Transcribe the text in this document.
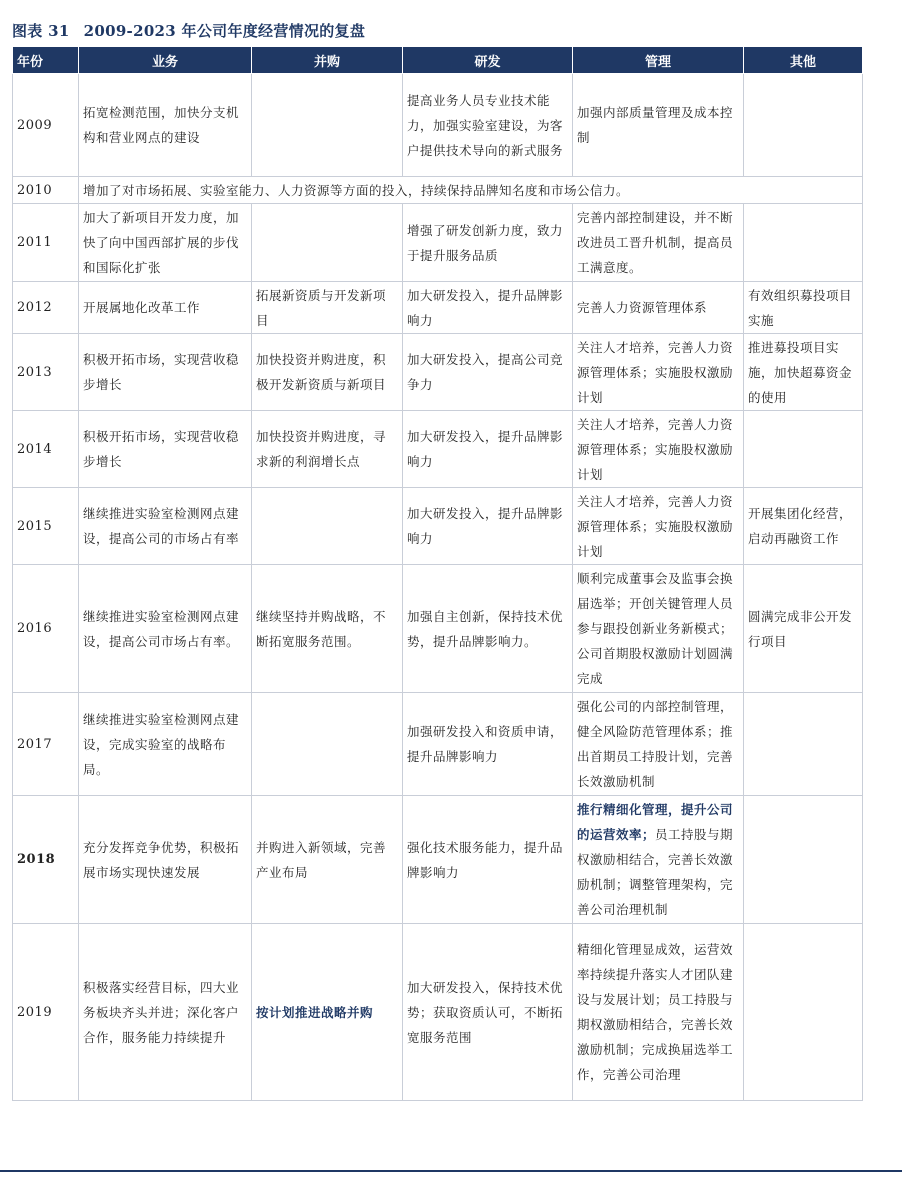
图表 31 2009-2023 年公司年度经营情况的复盘
年份	业务	并购	研发	管理	其他
2009	拓宽检测范围，加快分支机构和营业网点的建设		提高业务人员专业技术能力，加强实验室建设，为客 户提供技术导向的新式服务	加强内部质量管理及成本控制	
2010	增加了对市场拓展、实验室能力、人力资源等方面的投入，持续保持品牌知名度和市场公信力。				
2011	加大了新项目开发力度，加快了向中国西部扩展的步伐和国际化扩张		增强了研发创新力度，致力于提升服务品质	完善内部控制建设，并不断改进员工晋升机制，提高员工满意度。	
2012	开展属地化改革工作	拓展新资质与开发新项目	加大研发投入，提升品牌影响力	完善人力资源管理体系	有效组织募投项目实施
2013	积极开拓市场，实现营收稳步增长	加快投资并购进度，积极开发新资质与新项目	加大研发投入，提高公司竞争力	关注人才培养，完善人力资源管理体系；实施股权激励计划	推进募投项目实施，加快超募资金的使用
2014	积极开拓市场，实现营收稳步增长	加快投资并购进度，寻求新的利润增长点	加大研发投入，提升品牌影响力	关注人才培养，完善人力资源管理体系；实施股权激励计划	
2015	继续推进实验室检测网点建设，提高公司的市场占有率		加大研发投入，提升品牌影响力	关注人才培养，完善人力资源管理体系；实施股权激励计划	开展集团化经营，启动再融资工作
2016	继续推进实验室检测网点建设，提高公司市场占有率。	继续坚持并购战略，不断拓宽服务范围。	加强自主创新，保持技术优势，提升品牌影响力。	顺利完成董事会及监事会换届选举；开创关键管理人员参与跟投创新业务新模式；公司首期股权激励计划圆满完成	圆满完成非公开发行项目
2017	继续推进实验室检测网点建设，完成实验室的战略布局。		加强研发投入和资质申请，提升品牌影响力	强化公司的内部控制管理，健全风险防范管理体系；推出首期员工持股计划，完善长效激励机制	
2018	充分发挥竞争优势，积极拓展市场实现快速发展	并购进入新领域，完善产业布局	强化技术服务能力，提升品牌影响力	推行精细化管理，提升公司的运营效率；员工持股与期权激励相结合，完善长效激励机制；调整管理架构，完善公司治理机制	
2019	积极落实经营目标，四大业务板块齐头并进；深化客户合作，服务能力持续提升	按计划推进战略并购	加大研发投入，保持技术优势；获取资质认可，不断拓宽服务范围	精细化管理显成效，运营效率持续提升落实人才团队建设与发展计划；员工持股与期权激励相结合，完善长效激励机制；完成换届选举工作，完善公司治理	
